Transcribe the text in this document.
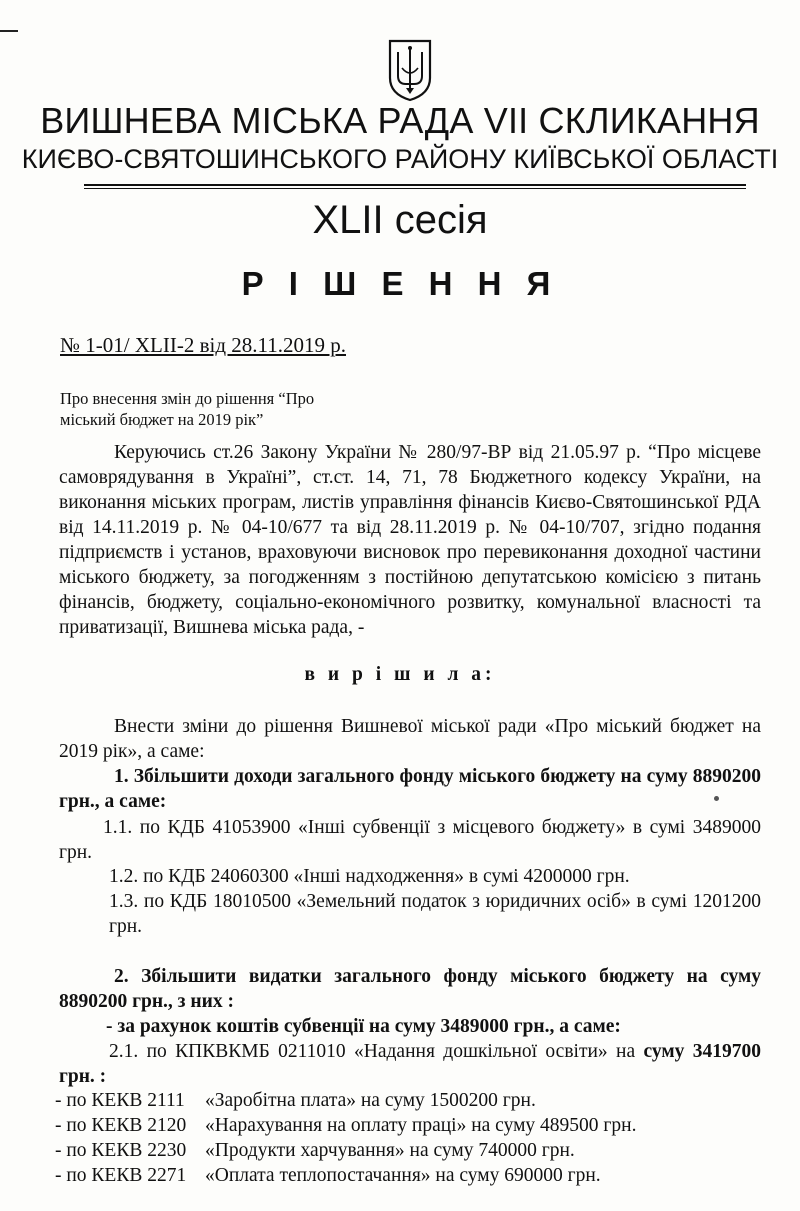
ВИШНЕВА МІСЬКА РАДА VII СКЛИКАННЯ
КИЄВО-СВЯТОШИНСЬКОГО РАЙОНУ КИЇВСЬКОЇ ОБЛАСТІ
XLII сесія
Р І Ш Е Н Н Я
№ 1-01/ XLII-2 від 28.11.2019 р.
Про внесення змін до рішення “Про
міський бюджет на 2019 рік”
Керуючись ст.26 Закону України № 280/97-ВР від 21.05.97 р. “Про місцеве самоврядування в Україні”, ст.ст. 14, 71, 78 Бюджетного кодексу України, на виконання міських програм, листів управління фінансів Києво-Святошинської РДА від 14.11.2019 р. № 04-10/677 та від 28.11.2019 р. № 04-10/707, згідно подання підприємств і установ, враховуючи висновок про перевиконання доходної частини міського бюджету, за погодженням з постійною депутатською комісією з питань фінансів, бюджету, соціально-економічного розвитку, комунальної власності та приватизації, Вишнева міська рада, -
в и р і ш и л а:
Внести зміни до рішення Вишневої міської ради «Про міський бюджет на 2019 рік», а саме:
1. Збільшити доходи загального фонду міського бюджету на суму 8890200 грн., а саме:
1.1. по КДБ 41053900 «Інші субвенції з місцевого бюджету» в сумі 3489000 грн.
1.2. по КДБ 24060300 «Інші надходження» в сумі 4200000 грн.
1.3. по КДБ 18010500 «Земельний податок з юридичних осіб» в сумі 1201200 грн.
2. Збільшити видатки загального фонду міського бюджету на суму 8890200 грн., з них :
- за рахунок коштів субвенції на суму 3489000 грн., а саме:
2.1. по КПКВКМБ 0211010 «Надання дошкільної освіти» на суму 3419700 грн. :
- по КЕКВ 2111 «Заробітна плата» на суму 1500200 грн.
- по КЕКВ 2120 «Нарахування на оплату праці» на суму 489500 грн.
- по КЕКВ 2230 «Продукти харчування» на суму 740000 грн.
- по КЕКВ 2271 «Оплата теплопостачання» на суму 690000 грн.
